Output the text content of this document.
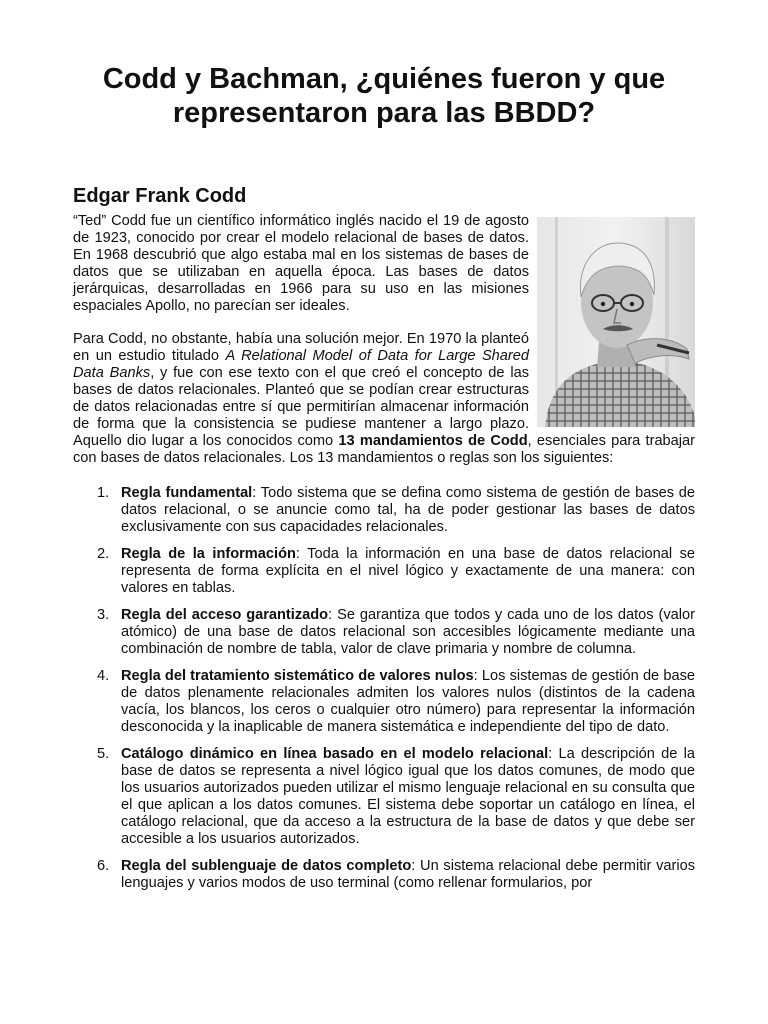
Codd y Bachman, ¿quiénes fueron y que representaron para las BBDD?
Edgar Frank Codd

“Ted” Codd fue un científico informático inglés nacido el 19 de agosto de 1923, conocido por crear el modelo relacional de bases de datos. En 1968 descubrió que algo estaba mal en los sistemas de bases de datos que se utilizaban en aquella época. Las bases de datos jerárquicas, desarrolladas en 1966 para su uso en las misiones espaciales Apollo, no parecían ser ideales.

Para Codd, no obstante, había una solución mejor. En 1970 la planteó en un estudio titulado A Relational Model of Data for Large Shared Data Banks, y fue con ese texto con el que creó el concepto de las bases de datos relacionales. Planteó que se podían crear estructuras de datos relacionadas entre sí que permitirían almacenar información de forma que la consistencia se pudiese mantener a largo plazo. Aquello dio lugar a los conocidos como 13 mandamientos de Codd, esenciales para trabajar con bases de datos relacionales. Los 13 mandamientos o reglas son los siguientes:

1. Regla fundamental: Todo sistema que se defina como sistema de gestión de bases de datos relacional, o se anuncie como tal, ha de poder gestionar las bases de datos exclusivamente con sus capacidades relacionales.
2. Regla de la información: Toda la información en una base de datos relacional se representa de forma explícita en el nivel lógico y exactamente de una manera: con valores en tablas.
3. Regla del acceso garantizado: Se garantiza que todos y cada uno de los datos (valor atómico) de una base de datos relacional son accesibles lógicamente mediante una combinación de nombre de tabla, valor de clave primaria y nombre de columna.
4. Regla del tratamiento sistemático de valores nulos: Los sistemas de gestión de base de datos plenamente relacionales admiten los valores nulos (distintos de la cadena vacía, los blancos, los ceros o cualquier otro número) para representar la información desconocida y la inaplicable de manera sistemática e independiente del tipo de dato.
5. Catálogo dinámico en línea basado en el modelo relacional: La descripción de la base de datos se representa a nivel lógico igual que los datos comunes, de modo que los usuarios autorizados pueden utilizar el mismo lenguaje relacional en su consulta que el que aplican a los datos comunes. El sistema debe soportar un catálogo en línea, el catálogo relacional, que da acceso a la estructura de la base de datos y que debe ser accesible a los usuarios autorizados.
6. Regla del sublenguaje de datos completo: Un sistema relacional debe permitir varios lenguajes y varios modos de uso terminal (como rellenar formularios, por
